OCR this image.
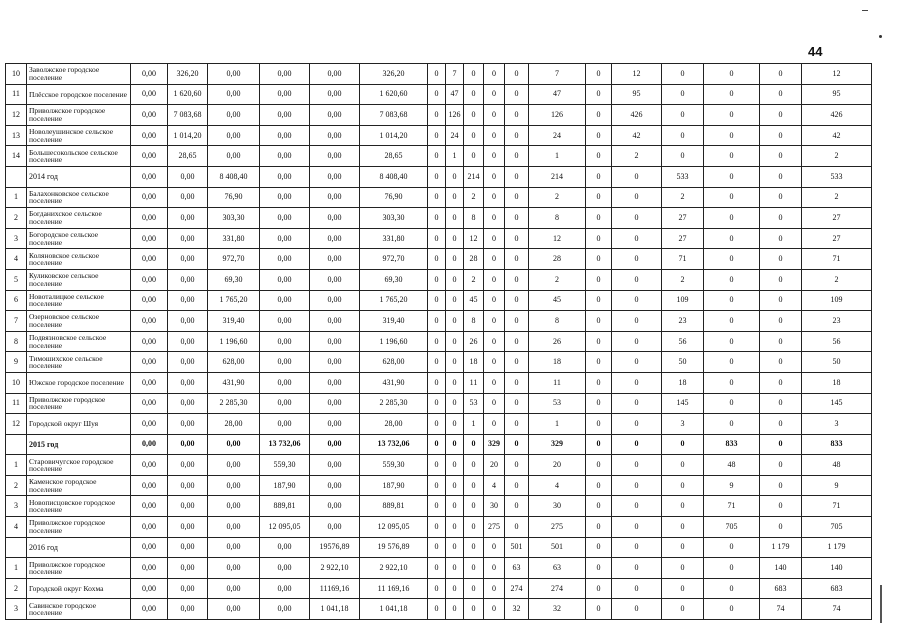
44
10	Заволжское городское поселение	0,00	326,20	0,00	0,00	0,00	326,20	0	7	0	0	0	7	0	12	0	0	0	12
11	Плёсское городское поселение	0,00	1 620,60	0,00	0,00	0,00	1 620,60	0	47	0	0	0	47	0	95	0	0	0	95
12	Приволжское городское поселение	0,00	7 083,68	0,00	0,00	0,00	7 083,68	0	126	0	0	0	126	0	426	0	0	0	426
13	Новолеушинское сельское поселение	0,00	1 014,20	0,00	0,00	0,00	1 014,20	0	24	0	0	0	24	0	42	0	0	0	42
14	Большесокольское сельское поселение	0,00	28,65	0,00	0,00	0,00	28,65	0	1	0	0	0	1	0	2	0	0	0	2
	2014 год	0,00	0,00	8 408,40	0,00	0,00	8 408,40	0	0	214	0	0	214	0	0	533	0	0	533
1	Балахонковское сельское поселение	0,00	0,00	76,90	0,00	0,00	76,90	0	0	2	0	0	2	0	0	2	0	0	2
2	Богданихское сельское поселение	0,00	0,00	303,30	0,00	0,00	303,30	0	0	8	0	0	8	0	0	27	0	0	27
3	Богородское сельское поселение	0,00	0,00	331,80	0,00	0,00	331,80	0	0	12	0	0	12	0	0	27	0	0	27
4	Коляновское сельское поселение	0,00	0,00	972,70	0,00	0,00	972,70	0	0	28	0	0	28	0	0	71	0	0	71
5	Куликовское сельское поселение	0,00	0,00	69,30	0,00	0,00	69,30	0	0	2	0	0	2	0	0	2	0	0	2
6	Новоталицкое сельское поселение	0,00	0,00	1 765,20	0,00	0,00	1 765,20	0	0	45	0	0	45	0	0	109	0	0	109
7	Озерновское сельское поселение	0,00	0,00	319,40	0,00	0,00	319,40	0	0	8	0	0	8	0	0	23	0	0	23
8	Подвязновское сельское поселение	0,00	0,00	1 196,60	0,00	0,00	1 196,60	0	0	26	0	0	26	0	0	56	0	0	56
9	Тимошихское сельское поселение	0,00	0,00	628,00	0,00	0,00	628,00	0	0	18	0	0	18	0	0	50	0	0	50
10	Южское городское поселение	0,00	0,00	431,90	0,00	0,00	431,90	0	0	11	0	0	11	0	0	18	0	0	18
11	Приволжское городское поселение	0,00	0,00	2 285,30	0,00	0,00	2 285,30	0	0	53	0	0	53	0	0	145	0	0	145
12	Городской округ Шуя	0,00	0,00	28,00	0,00	0,00	28,00	0	0	1	0	0	1	0	0	3	0	0	3
	2015 год	0,00	0,00	0,00	13 732,06	0,00	13 732,06	0	0	0	329	0	329	0	0	0	833	0	833
1	Старовичугское городское поселение	0,00	0,00	0,00	559,30	0,00	559,30	0	0	0	20	0	20	0	0	0	48	0	48
2	Каменское городское поселение	0,00	0,00	0,00	187,90	0,00	187,90	0	0	0	4	0	4	0	0	0	9	0	9
3	Новописцовское городское поселение	0,00	0,00	0,00	889,81	0,00	889,81	0	0	0	30	0	30	0	0	0	71	0	71
4	Приволжское городское поселение	0,00	0,00	0,00	12 095,05	0,00	12 095,05	0	0	0	275	0	275	0	0	0	705	0	705
	2016 год	0,00	0,00	0,00	0,00	19576,89	19 576,89	0	0	0	0	501	501	0	0	0	0	1 179	1 179
1	Приволжское городское поселение	0,00	0,00	0,00	0,00	2 922,10	2 922,10	0	0	0	0	63	63	0	0	0	0	140	140
2	Городской округ Кохма	0,00	0,00	0,00	0,00	11169,16	11 169,16	0	0	0	0	274	274	0	0	0	0	683	683
3	Савинское городское поселение	0,00	0,00	0,00	0,00	1 041,18	1 041,18	0	0	0	0	32	32	0	0	0	0	74	74
